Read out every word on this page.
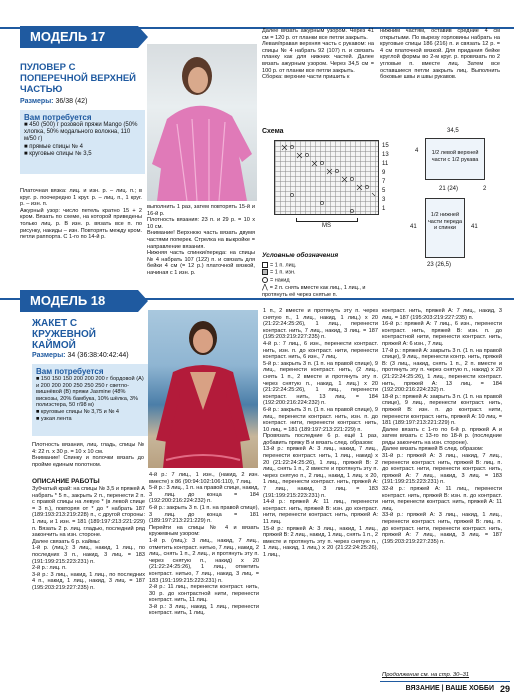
МОДЕЛЬ 17
ПУЛОВЕР С ПОПЕРЕЧНОЙ ВЕРХНЕЙ ЧАСТЬЮ
Размеры: 36/38 (42)
Вам потребуется
■ 450 (500) г розовой пряжи Mango (50% хлопка, 50% модального волокна, 110 м/50 г)
■ прямые спицы № 4
■ круговые спицы № 3,5

Платочная вязка: лиц. и изн. р. – лиц. п.; в круг. р. поочередно 1 круг. р. – лиц. п., 1 круг. р. – изн. п.
Ажурный узор: число петель кратно 15 + 2 кром. Вязать по схеме, на которой приведены только лиц. р. В изн. р. вязать все п. по рисунку, накиды – изн. Повторять между кром. петли раппорта. С 1-го по 14-й р.

выполнить 1 раз, затем повторять 15-й и 16-й р.
Плотность вязания: 23 п. и 29 р. = 10 х 10 см.
Внимание! Верхнюю часть вязать двумя частями поперек. Стрелка на выкройке = направление вязания.
Нижняя часть спинки/переда: на спицы № 4 набрать 107 (122) п. и связать для бейки 4 см (= 12 р.) платочной вязкой, начиная с 1 изн. р.

Далее вязать ажурным узором. Через 41 см = 120 р. от планки все петли закрыть.
Левая/правая верхняя часть с рукавом: на спицы № 4 набрать 92 (107) п. и связать планку как для нижних частей. Далее вязать ажурным узором. Через 34,5 см = 100 р. от планки все петли закрыть.
Сборка: верхние части пришить к

нижним частям, оставив средние 4 см открытыми. По вырезу горловины набрать на круговые спицы 186 (216) п. и связать 12 р. = 4 см платочной вязкой. Для придания бейке круглой формы во 2-м круг. р. провязать по 2 угловые п. вместе лиц. Затем все оставшиеся петли закрыть лиц. Выполнить боковые швы и швы рукавов.

Схема
15
13
11
9
7
5
3
1
MS
Условные обозначения
= 1 п. лиц.
= 1 п. изн.
= накид
⋀ = 2 п. снять вместе как лиц., 1 лиц., и протянуть её через снятые п.
34,5
1/2 левой верхней части с 1/2 рукава
4
21 (24)	2
1/2 нижней части переда и спинки
41	41
23 (26,5)
МОДЕЛЬ 18
ЖАКЕТ С КРУЖЕВНОЙ КАЙМОЙ
Размеры: 34 (36:38:40:42:44)
Вам потребуется
■ 150 150 150 200 200 200 г бордовой (A) и 200 200 200 250 250 250 г светло-вишнёвой (B) пряжи Jasmine (48% вискозы, 20% бамбука, 10% шёлка, 3% полиэстера, 50 г/98 м)
■ круговые спицы № 3,75 и № 4
■ узкая лента

Плотность вязания, лиц. гладь, спицы № 4: 22 п. x 30 р. = 10 x 10 см.
Внимание! Спинку и полочки вязать до пройме единым полотном.

ОПИСАНИЕ РАБОТЫ

Зубчатый край: на спицы № 3,5 и пряжей A набрать * 5 п., закрыть 2 п., перенести 2 п. с правой спицы на левую * (в левой спице = 3 п.), повторяя от * до * набрать 187 (189:193:213:219:228) п., с другой стороны: 1 лиц. и 1 изн. = 181 (189:197:213:221:229) п. Вязать 2 р. лиц. гладью, последний ряд закончить на изн. стороне.
Далее связать 6 р. каймы:
1-й р. (лиц.): 3 лиц., накид, 1 лиц., по последних 3 п., накид, 3 лиц. = 183 (191:199:215:223:231) п.
2-й р.: лиц. п.
3-й р.: 3 лиц., накид, 1 лиц., по последних 4 п., накид, 1 лиц., накид, 3 лиц. = 187 (195:203:219:227:235) п.

4-й р.: 7 лиц., 1 изн., (накид, 2 изн. вместе) x 86 (90:94:102:106:110), 7 лиц.
5-й р.: 3 лиц., 1 п. на правой спице, накид, 3 лиц. до конца = 184 (192:200:216:224:232) п.
6-й р.: закрыть 3 п. (1 п. на правой спице), 3 лиц. до конца = 181 (189:197:213:221:229) п.
Перейти на спицы № 4 и вязать кружевным узором:
1-й р. (лиц.): 3 лиц., накид, 7 лиц., отметить контраст. нитью, 7 лиц., накид, 2 лиц., снять 1 п., 2 лиц., и протянуть эту п. через снятую п., накид) x 20 (21:22:24:25:26), 1 лиц., отметить контраст. нитью, 7 лиц., накид, 3 лиц. = 183 (191:199:215:223:231) п.
2-й р.: 11 лиц., перенести контраст. нить, 30 р. до контрастной нити, перенести контраст. нить, 11 лиц.
3-й р.: 3 лиц., накид, 1 лиц., перенести контраст. нить, 1 лиц.

1 п., 2 вместе и протянуть эту п. через снятую п., 1 лиц., накид, 1 лиц.) x 20 (21:22:24:25:26), 1 лиц., перенести контраст. нить, 7 лиц., накид, 3 лиц. = 187 (195:203:219:227:235) п.
4-й р.: 7 лиц., 6 изн., перенести контраст. нить, изн. п. до контраст. нити, перенести контраст. нить, 6 изн., 7 лиц.
5-й р.: закрыть 3 п. (1 п. на правой спице), 9 лиц., перенести контраст. нить, (2 лиц., снять 1 п., 2 вместе и протянуть эту п. через снятую п., накид, 1 лиц.) x 20 (21:22:24:25:26), 1 лиц., перенести контраст. нить, 13 лиц. = 184 (192:200:216:224:232) п.
6-й р.: закрыть 3 п. (1 п. на правой спице), 9 лиц., перенести контраст. нить, изн. п. до контраст. нити, перенести контраст. нить, 10 лиц. = 181 (189:197:213:221:229) п.
Провязать последние 6 р. ещё 1 раз, добавить пряжу B и вязать след. образом:
13-й р.: пряжей A: 3 лиц., накид, 7 лиц., перенести контраст. нить, 1 лиц., накид) x 20 (21:22:24:25:26), 1 лиц., пряжей B: 2 лиц., снять 1 п., 2 вместе и протянуть эту п. через снятую п., 2 лиц., накид, 1 лиц. x 20, 1 лиц., перенести контраст. нить, пряжей A: 7 лиц., накид, 3 лиц. = 183 (191:199:215:223:231) п.
14-й р.: пряжей A: 11 лиц., перенести контраст. нить, пряжей B: изн. до контраст. нити, перенести контраст. нить, пряжей A: 11 лиц.
15-й р.: пряжей A: 3 лиц., накид, 1 лиц., пряжей B: 2 лиц., накид, 1 лиц., снять 1 п., 2 вместе и протянуть эту п. через снятую п., 1 лиц., накид, 1 лиц.) x 20 (21:22:24:25:26), 1 лиц.,

контраст. нить, пряжей A: 7 лиц., накид, 3 лиц. = 187 (195:203:219:227:235) п.
16-й р.: пряжей A: 7 лиц., 6 изн., перенести контраст. нить, пряжей B: изн. п. до контрастной нити, перенести контраст. нить, пряжей A: 6 изн., 7 лиц.
17-й р.: пряжей A: закрыть 3 п. (1 п. на правой спице), 9 лиц., перенести контр. нить, пряжей B: (3 лиц., накид, снять 1 п., 2 п. вместе и протянуть эту п. через снятую п., накид) x 20 (21:22:24:25:26), 1 лиц., перенести контраст. нить, пряжей A: 13 лиц. = 184 (192:200:216:224:232) п.
18-й р.: пряжей A: закрыть 3 п. (1 п. на правой спице), 9 лиц., перенести контраст. нить, пряжей B: изн. п. до контраст. нити, перенести контраст. нить, пряжей A: 10 лиц. = 181 (189:197:213:221:229) п.
Далее вязать с 1-го по 6-й р. пряжей A и затем вязать с 13-го по 18-й р. (последние ряды закончить на изн. стороне).
Далее вязать пряжей B след. образом:
31-й р.: пряжей A: 3 лиц., накид, 7 лиц., перенести контраст. нить, пряжей B: лиц. п. до контраст. нити, перенести контраст. нить, пряжей A: 7 лиц., накид, 3 лиц. = 183 (191:199:215:223:231) п.
32-й р.: пряжей A: 11 лиц., перенести контраст. нить, пряжей B: изн. п. до контраст. нити, перенести контраст. нить, пряжей A: 11 лиц.
33-й р.: пряжей A: 3 лиц., накид, 1 лиц., перенести контраст. нить, пряжей B: лиц. п. до контраст. нити, перенести контраст. нить, пряжей A: 7 лиц., накид, 3 лиц. = 187 (195:203:219:227:235) п.

Продолжение см. на стр. 30–31
ВЯЗАНИЕ | ВАШЕ ХОББИ 29
